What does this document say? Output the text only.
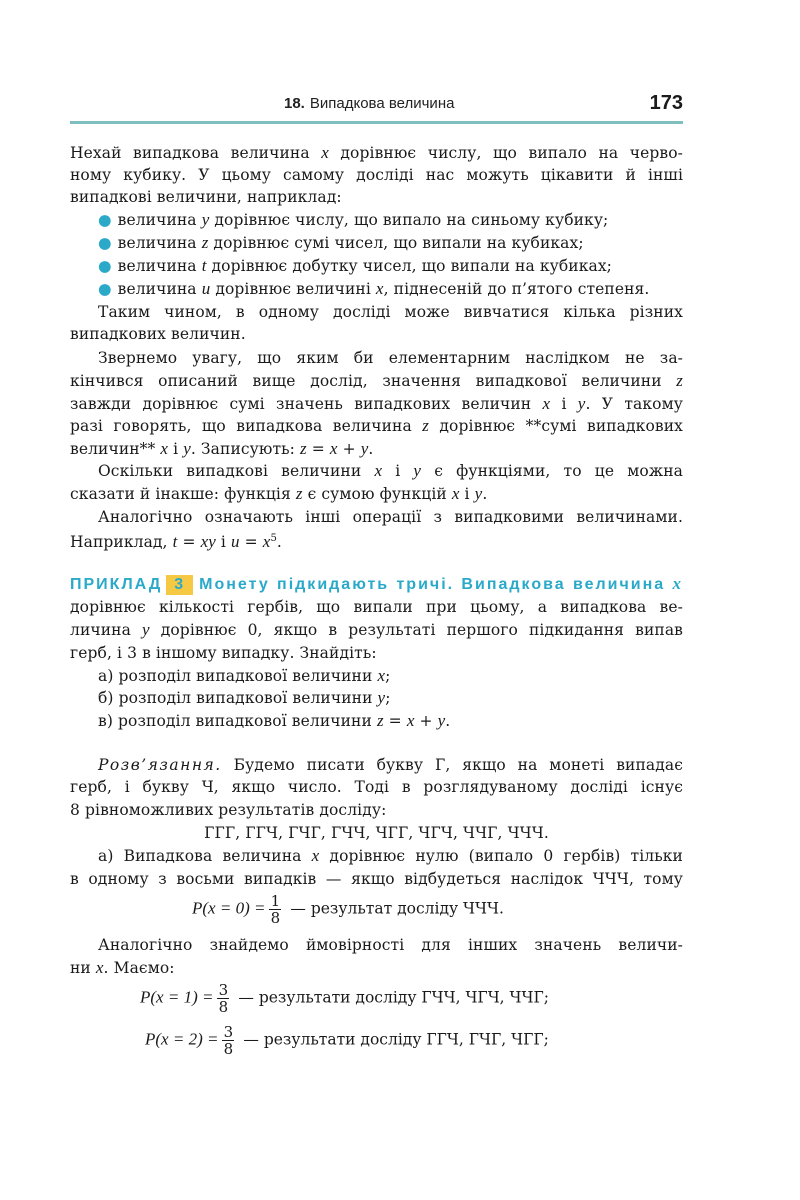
18. Випадкова величина	173
Нехай випадкова величина x дорівнює числу, що випало на черво-
ному кубику. У цьому самому досліді нас можуть цікавити й інші
випадкові величини, наприклад:
● величина y дорівнює числу, що випало на синьому кубику;
● величина z дорівнює сумі чисел, що випали на кубиках;
● величина t дорівнює добутку чисел, що випали на кубиках;
● величина u дорівнює величині x, піднесеній до п’ятого степеня.
Таким чином, в одному досліді може вивчатися кілька різних
випадкових величин.
Звернемо увагу, що яким би елементарним наслідком не за-
кінчився описаний вище дослід, значення випадкової величини z
завжди дорівнює сумі значень випадкових величин x і y. У такому
разі говорять, що випадкова величина z дорівнює **сумі випадкових
величин** x і y. Записують: z = x + y.
Оскільки випадкові величини x і y є функціями, то це можна
сказати й інакше: функція z є сумою функцій x і y.
Аналогічно означають інші операції з випадковими величинами.
Наприклад, t = xy і $u = x^5$.
ПРИКЛАД 3 Монету підкидають тричі. Випадкова величина x
дорівнює кількості гербів, що випали при цьому, а випадкова ве-
личина y дорівнює 0, якщо в результаті першого підкидання випав
герб, і 3 в іншому випадку. Знайдіть:
а) розподіл випадкової величини x;
б) розподіл випадкової величини y;
в) розподіл випадкової величини z = x + y.
Розв’язання. Будемо писати букву Г, якщо на монеті випадає
герб, і букву Ч, якщо число. Тоді в розглядуваному досліді існує
8 рівноможливих результатів досліду:
ГГГ, ГГЧ, ГЧГ, ГЧЧ, ЧГГ, ЧГЧ, ЧЧГ, ЧЧЧ.
а) Випадкова величина x дорівнює нулю (випало 0 гербів) тільки
в одному з восьми випадків — якщо відбудеться наслідок ЧЧЧ, тому
Аналогічно знайдемо ймовірності для інших значень величи-
ни x. Маємо:
$P(x = 0) = \frac{1}{8}$ — результат досліду ЧЧЧ.
$P(x = 1) = \frac{3}{8}$ — результати досліду ГЧЧ, ЧГЧ, ЧЧГ;
$P(x = 2) = \frac{3}{8}$ — результати досліду ГГЧ, ГЧГ, ЧГГ;
